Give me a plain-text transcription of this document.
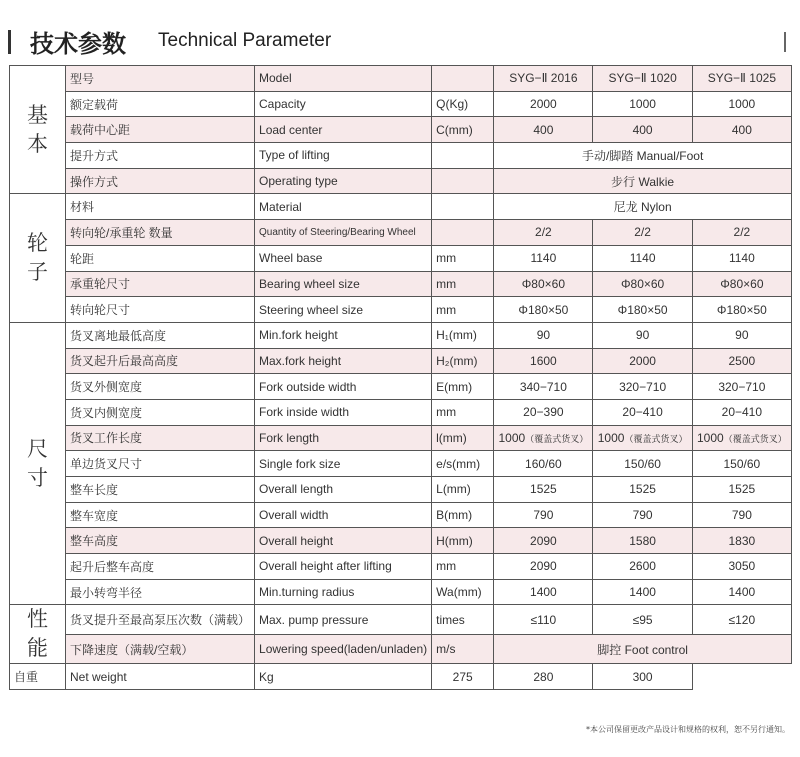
技术参数 Technical Parameter
基
本	型号	Model		SYG−Ⅱ 2016	SYG−Ⅱ 1020	SYG−Ⅱ 1025
	额定载荷	Capacity	Q(Kg)	2000	1000	1000
	载荷中心距	Load center	C(mm)	400	400	400
	提升方式	Type of lifting		手动/脚踏 Manual/Foot		
	操作方式	Operating type		步行 Walkie		

轮
子	材料	Material		尼龙 Nylon		
	转向轮/承重轮 数量	Quantity of Steering/Bearing Wheel		2/2	2/2	2/2
	轮距	Wheel base	mm	1140	1140	1140
	承重轮尺寸	Bearing wheel size	mm	Φ80×60	Φ80×60	Φ80×60
	转向轮尺寸	Steering wheel size	mm	Φ180×50	Φ180×50	Φ180×50

尺
寸	货叉离地最低高度	Min.fork height	H₁(mm)	90	90	90
	货叉起升后最高高度	Max.fork height	H₂(mm)	1600	2000	2500
	货叉外侧宽度	Fork outside width	E(mm)	340−710	320−710	320−710
	货叉内侧宽度	Fork inside width	mm	20−390	20−410	20−410
	货叉工作长度	Fork length	l(mm)	1000（覆盖式货叉）	1000（覆盖式货叉）	1000（覆盖式货叉）
	单边货叉尺寸	Single fork size	e/s(mm)	160/60	150/60	150/60
	整车长度	Overall length	L(mm)	1525	1525	1525
	整车宽度	Overall width	B(mm)	790	790	790
	整车高度	Overall height	H(mm)	2090	1580	1830
	起升后整车高度	Overall height after lifting	mm	2090	2600	3050
	最小转弯半径	Min.turning radius	Wa(mm)	1400	1400	1400

性
能	货叉提升至最高泵压次数（满载）	Max. pump pressure	times	≤110	≤95	≤120
	下降速度（满载/空载）	Lowering speed(laden/unladen)	m/s	脚控 Foot control		
自重	Net weight	Kg	275	280	300	
*本公司保留更改产品设计和规格的权利，恕不另行通知。
